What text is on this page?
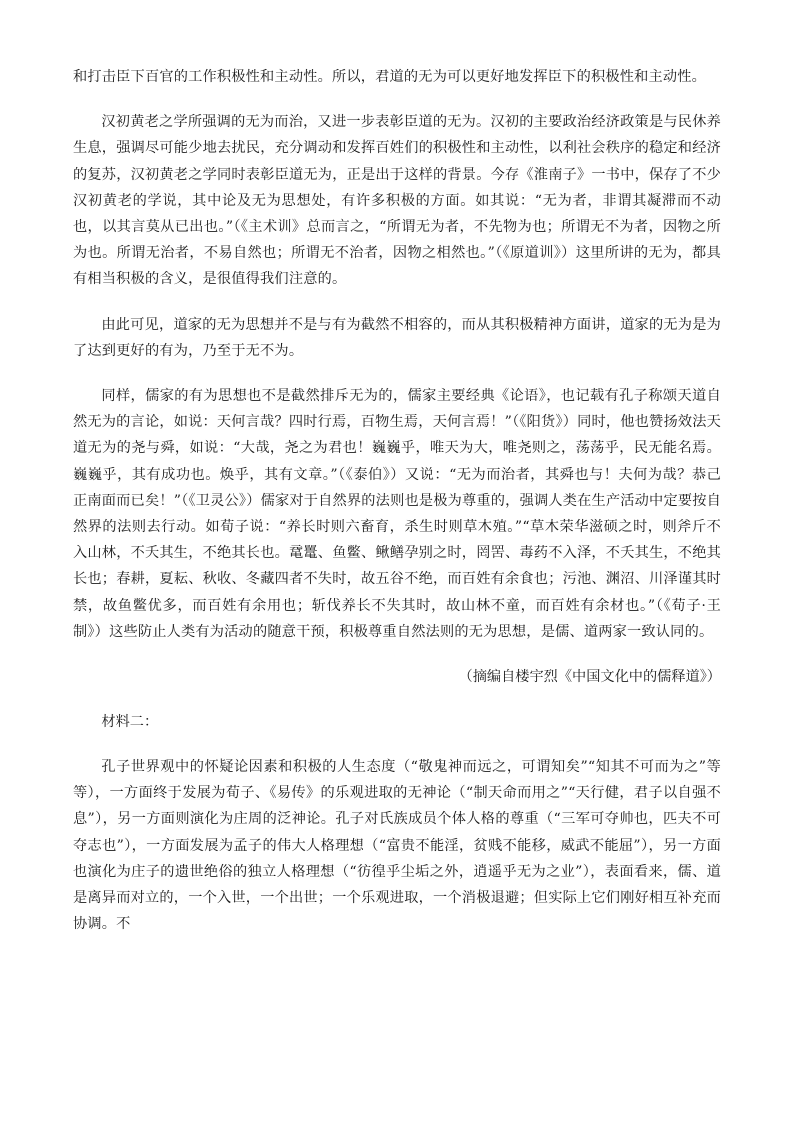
和打击臣下百官的工作积极性和主动性。所以，君道的无为可以更好地发挥臣下的积极性和主动性。

汉初黄老之学所强调的无为而治，又进一步表彰臣道的无为。汉初的主要政治经济政策是与民休养生息，强调尽可能少地去扰民，充分调动和发挥百姓们的积极性和主动性，以利社会秩序的稳定和经济的复苏，汉初黄老之学同时表彰臣道无为，正是出于这样的背景。今存《淮南子》一书中，保存了不少汉初黄老的学说，其中论及无为思想处，有许多积极的方面。如其说：“无为者，非谓其凝滞而不动也，以其言莫从已出也。”（《主术训》总而言之，“所谓无为者，不先物为也；所谓无不为者，因物之所为也。所谓无治者，不易自然也；所谓无不治者，因物之相然也。”（《原道训》）这里所讲的无为，都具有相当积极的含义，是很值得我们注意的。

由此可见，道家的无为思想并不是与有为截然不相容的，而从其积极精神方面讲，道家的无为是为了达到更好的有为，乃至于无不为。

同样，儒家的有为思想也不是截然排斥无为的，儒家主要经典《论语》，也记载有孔子称颂天道自然无为的言论，如说：天何言哉？四时行焉，百物生焉，天何言焉！”（《阳货》）同时，他也赞扬效法天道无为的尧与舜，如说：“大哉，尧之为君也！巍巍乎，唯天为大，唯尧则之，荡荡乎，民无能名焉。巍巍乎，其有成功也。焕乎，其有文章。”（《泰伯》）又说：“无为而治者，其舜也与！夫何为哉？恭己正南面而已矣！”（《卫灵公》）儒家对于自然界的法则也是极为尊重的，强调人类在生产活动中定要按自然界的法则去行动。如荀子说：“养长时则六畜育，杀生时则草木殖。”“草木荣华滋硕之时，则斧斤不入山林，不夭其生，不绝其长也。鼋鼍、鱼鳖、鳅鳝孕别之时，罔罟、毒药不入泽，不夭其生，不绝其长也；春耕，夏耘、秋收、冬藏四者不失时，故五谷不绝，而百姓有余食也；污池、渊沼、川泽谨其时禁，故鱼鳖优多，而百姓有余用也；斩伐养长不失其时，故山林不童，而百姓有余材也。”（《荀子·王制》）这些防止人类有为活动的随意干预，积极尊重自然法则的无为思想，是儒、道两家一致认同的。

（摘编自楼宇烈《中国文化中的儒释道》）

材料二：

孔子世界观中的怀疑论因素和积极的人生态度（“敬鬼神而远之，可谓知矣”“知其不可而为之”等等），一方面终于发展为荀子、《易传》的乐观进取的无神论（“制天命而用之”“天行健，君子以自强不息”），另一方面则演化为庄周的泛神论。孔子对氏族成员个体人格的尊重（“三军可夺帅也，匹夫不可夺志也”），一方面发展为孟子的伟大人格理想（“富贵不能淫，贫贱不能移，威武不能屈”），另一方面也演化为庄子的遗世绝俗的独立人格理想（“彷徨乎尘垢之外，逍遥乎无为之业”），表面看来，儒、道是离异而对立的，一个入世，一个出世；一个乐观进取，一个消极退避；但实际上它们刚好相互补充而协调。不
